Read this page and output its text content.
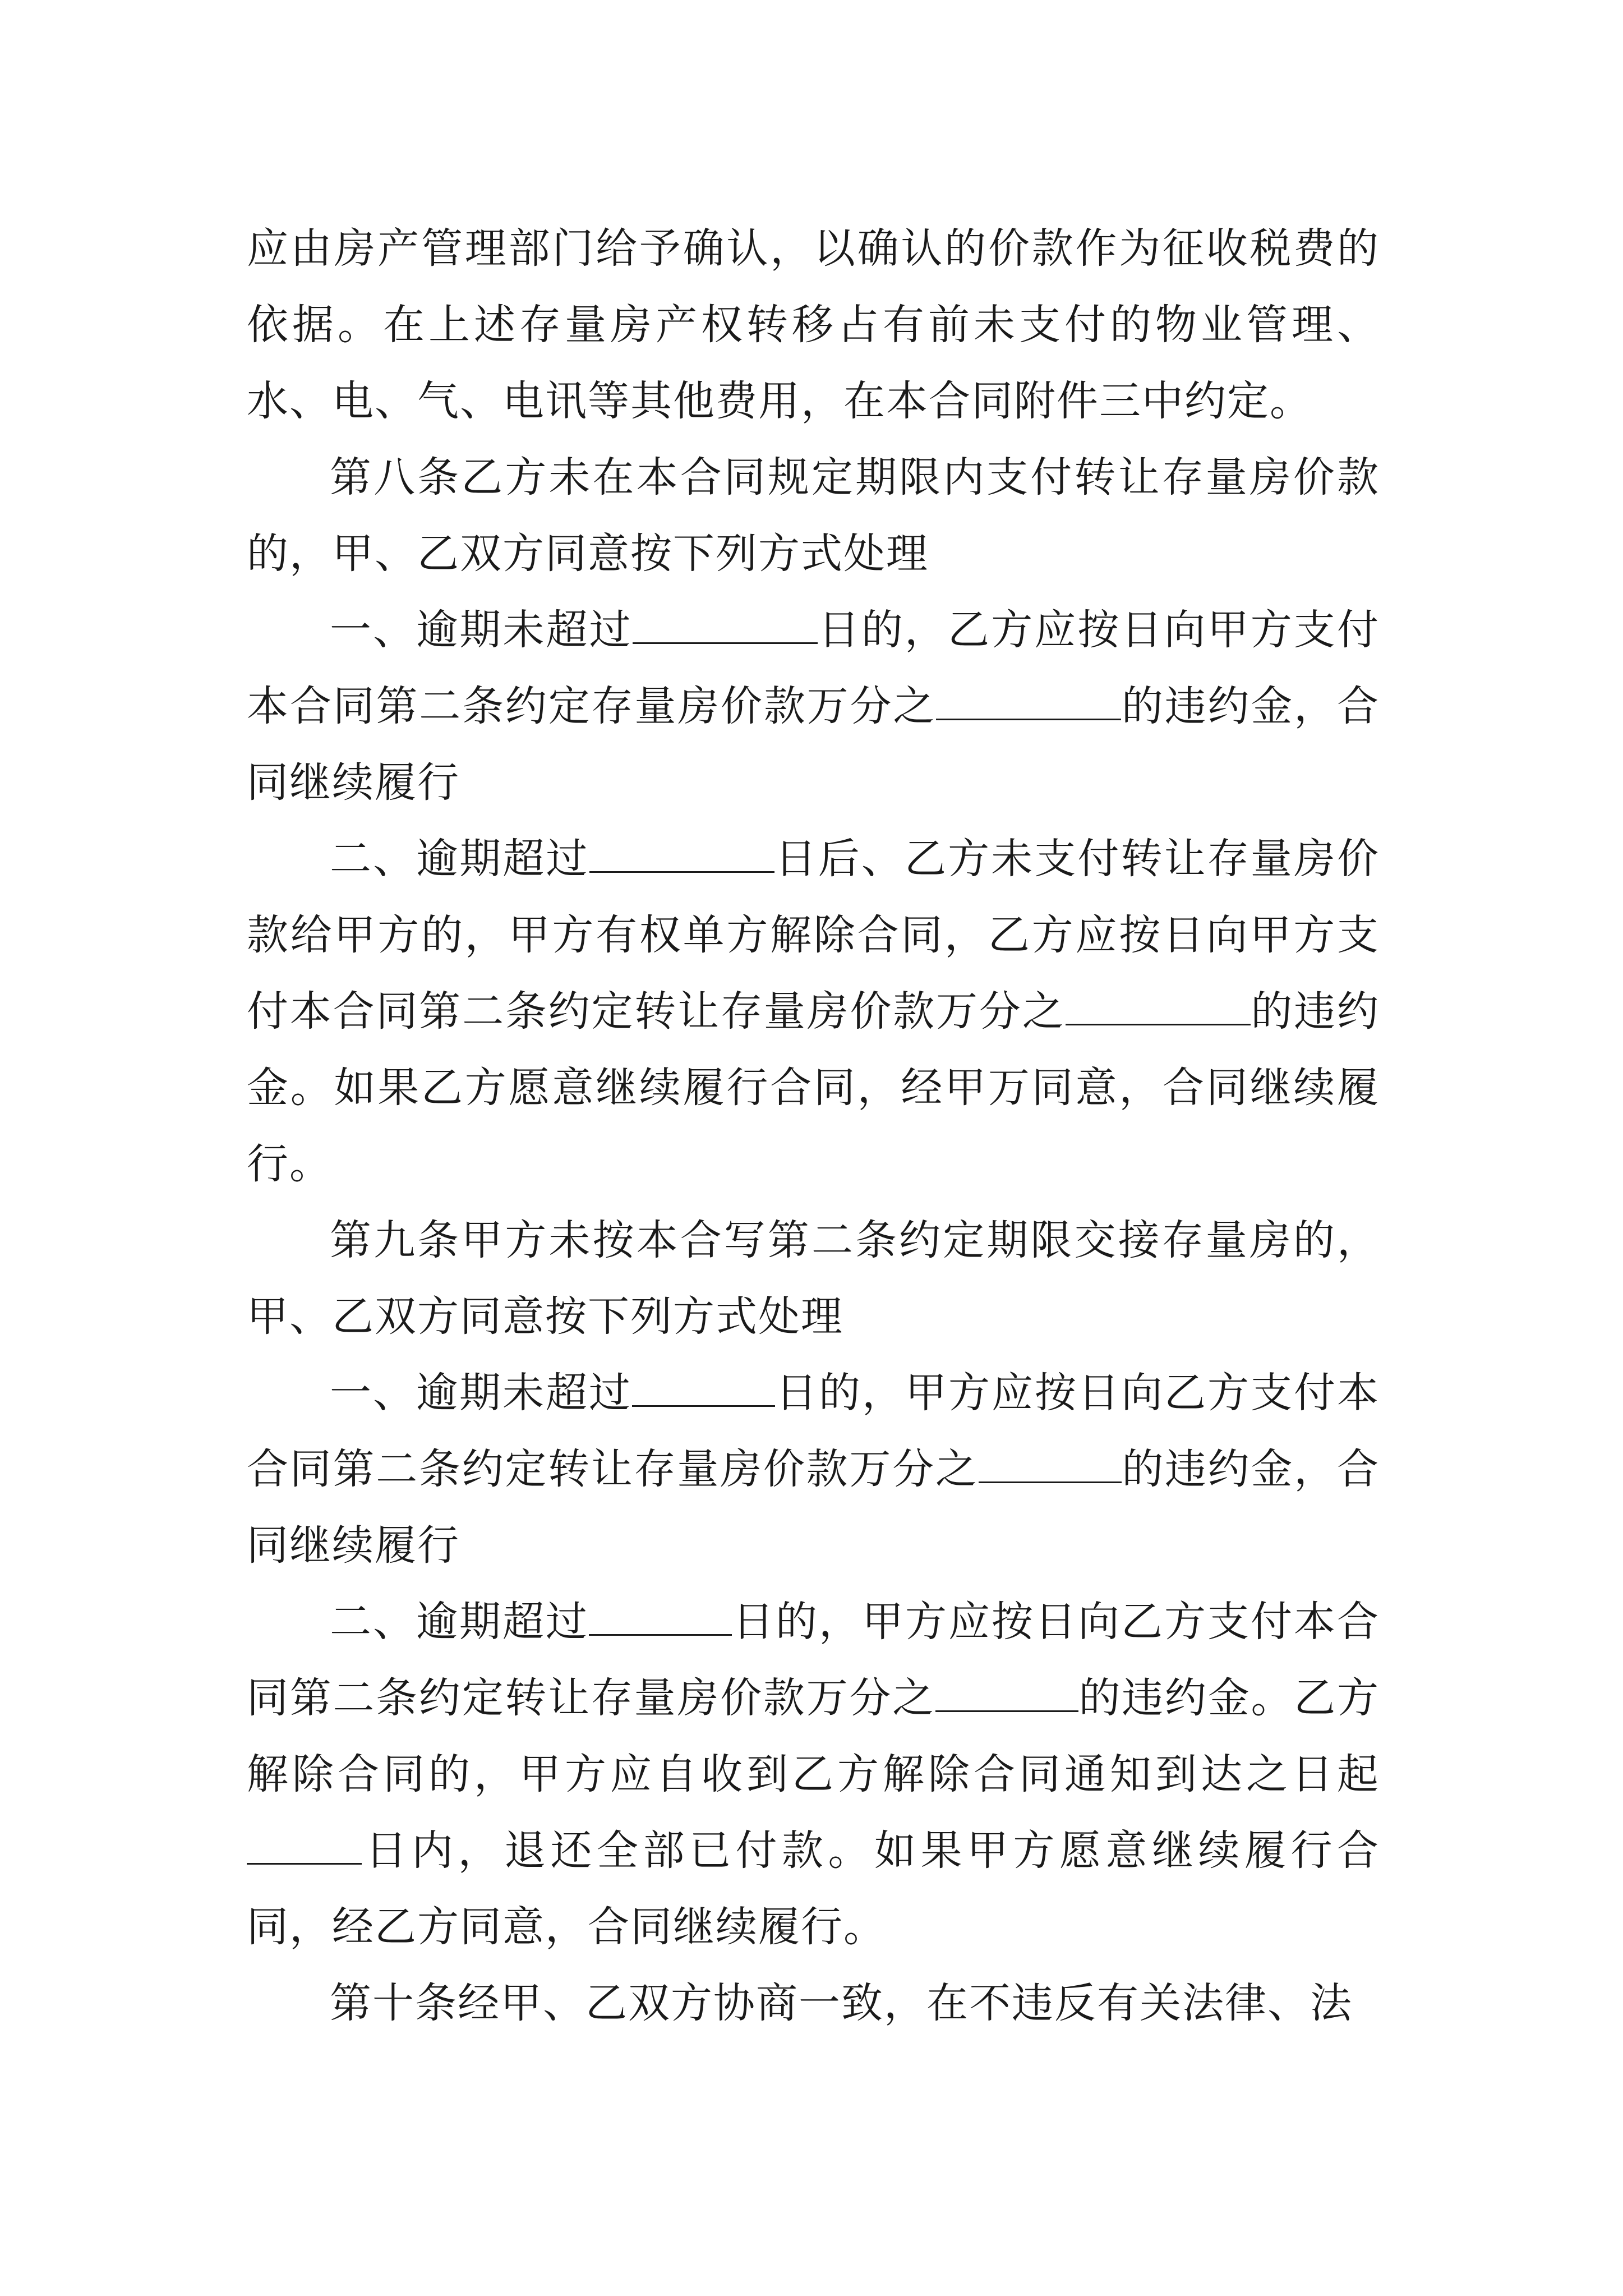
应由房产管理部门给予确认，以确认的价款作为征收税费的依据。在上述存量房产权转移占有前未支付的物业管理、水、电、气、电讯等其他费用，在本合同附件三中约定。

第八条乙方未在本合同规定期限内支付转让存量房价款的，甲、乙双方同意按下列方式处理

一、逾期未超过	日的，乙方应按日向甲方支付本合同第二条约定存量房价款万分之	的违约金，合同继续履行

二、逾期超过	日后、乙方未支付转让存量房价款给甲方的，甲方有权单方解除合同，乙方应按日向甲方支付本合同第二条约定转让存量房价款万分之	的违约金。如果乙方愿意继续履行合同，经甲万同意，合同继续履行。

第九条甲方未按本合写第二条约定期限交接存量房的，甲、乙双方同意按下列方式处理

一、逾期未超过	日的，甲方应按日向乙方支付本合同第二条约定转让存量房价款万分之	的违约金，合同继续履行

二、逾期超过	日的，甲方应按日向乙方支付本合同第二条约定转让存量房价款万分之	的违约金。乙方解除合同的，甲方应自收到乙方解除合同通知到达之日起日内，退还全部已付款。如果甲方愿意继续履行合同，经乙方同意，合同继续履行。

第十条经甲、乙双方协商一致，在不违反有关法律、法
